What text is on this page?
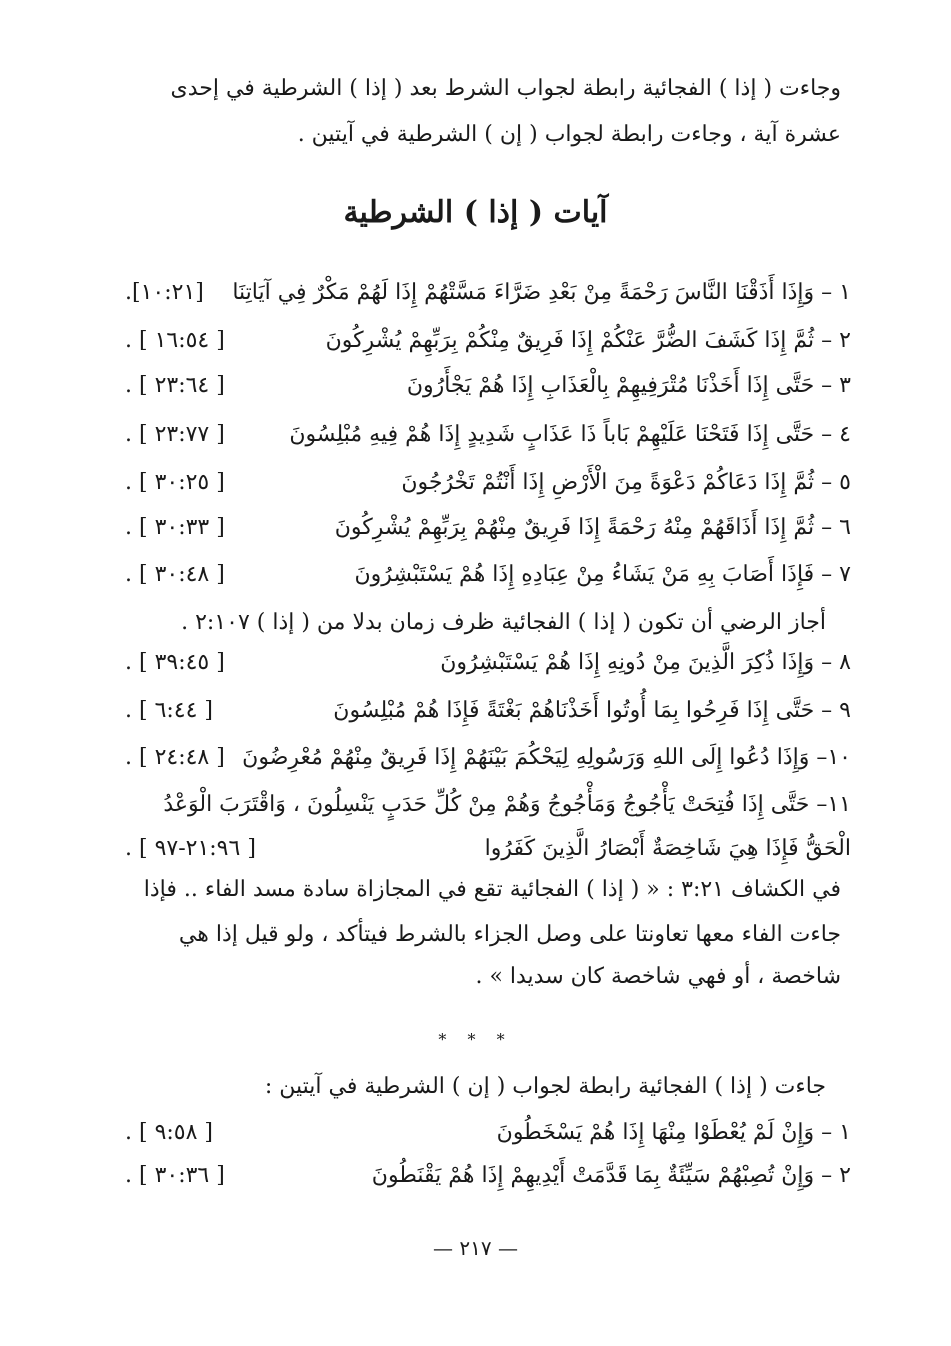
وجاءت ( إذا ) الفجائية رابطة لجواب الشرط بعد ( إذا ) الشرطية في إحدى
عشرة آية ، وجاءت رابطة لجواب ( إن ) الشرطية في آيتين .
آيات ( إذا ) الشرطية
١ – وَإِذَا أَذَقْنَا النَّاسَ رَحْمَةً مِنْ بَعْدِ ضَرَّاءَ مَسَّتْهُمْ إِذَا لَهُمْ مَكْرٌ فِي آيَاتِنَا
[١٠:٢١].
٢ – ثُمَّ إِذَا كَشَفَ الضُّرَّ عَنْكُمْ إِذَا فَرِيقٌ مِنْكُمْ بِرَبِّهِمْ يُشْرِكُونَ
[ ١٦:٥٤ ] .
٣ – حَتَّى إِذَا أَخَذْنَا مُتْرَفِيهِمْ بِالْعَذَابِ إِذَا هُمْ يَجْأَرُونَ
[ ٢٣:٦٤ ] .
٤ – حَتَّى إِذَا فَتَحْنَا عَلَيْهِمْ بَاباً ذَا عَذَابٍ شَدِيدٍ إِذَا هُمْ فِيهِ مُبْلِسُونَ
[ ٢٣:٧٧ ] .
٥ – ثُمَّ إِذَا دَعَاكُمْ دَعْوَةً مِنَ الْأَرْضِ إِذَا أَنْتُمْ تَخْرُجُونَ
[ ٣٠:٢٥ ] .
٦ – ثُمَّ إِذَا أَذَاقَهُمْ مِنْهُ رَحْمَةً إِذَا فَرِيقٌ مِنْهُمْ بِرَبِّهِمْ يُشْرِكُونَ
[ ٣٠:٣٣ ] .
٧ – فَإِذَا أَصَابَ بِهِ مَنْ يَشَاءُ مِنْ عِبَادِهِ إِذَا هُمْ يَسْتَبْشِرُونَ
[ ٣٠:٤٨ ] .
أجاز الرضي أن تكون ( إذا ) الفجائية ظرف زمان بدلا من ( إذا ) ٢:١٠٧ .
٨ – وَإِذَا ذُكِرَ الَّذِينَ مِنْ دُونِهِ إِذَا هُمْ يَسْتَبْشِرُونَ
[ ٣٩:٤٥ ] .
٩ – حَتَّى إِذَا فَرِحُوا بِمَا أُوتُوا أَخَذْنَاهُمْ بَغْتَةً فَإِذَا هُمْ مُبْلِسُونَ
[ ٦:٤٤ ] .
١٠– وَإِذَا دُعُوا إِلَى اللهِ وَرَسُولِهِ لِيَحْكُمَ بَيْنَهُمْ إِذَا فَرِيقٌ مِنْهُمْ مُعْرِضُونَ
[ ٢٤:٤٨ ] .
١١– حَتَّى إِذَا فُتِحَتْ يَأْجُوجُ وَمَأْجُوجُ وَهُمْ مِنْ كُلِّ حَدَبٍ يَنْسِلُونَ ، وَاقْتَرَبَ الْوَعْدُ
الْحَقُّ فَإِذَا هِيَ شَاخِصَةٌ أَبْصَارُ الَّذِينَ كَفَرُوا
[ ٢١:٩٦-٩٧ ] .
في الكشاف ٣:٢١ : « ( إذا ) الفجائية تقع في المجازاة سادة مسد الفاء .. فإذا
جاءت الفاء معها تعاونتا على وصل الجزاء بالشرط فيتأكد ، ولو قيل إذا هي
شاخصة ، أو فهي شاخصة كان سديدا » .
* * *
جاءت ( إذا ) الفجائية رابطة لجواب ( إن ) الشرطية في آيتين :
١ – وَإِنْ لَمْ يُعْطَوْا مِنْهَا إِذَا هُمْ يَسْخَطُونَ
[ ٩:٥٨ ] .
٢ – وَإِنْ تُصِبْهُمْ سَيِّئَةٌ بِمَا قَدَّمَتْ أَيْدِيهِمْ إِذَا هُمْ يَقْنَطُونَ
[ ٣٠:٣٦ ] .
— ٢١٧ —
